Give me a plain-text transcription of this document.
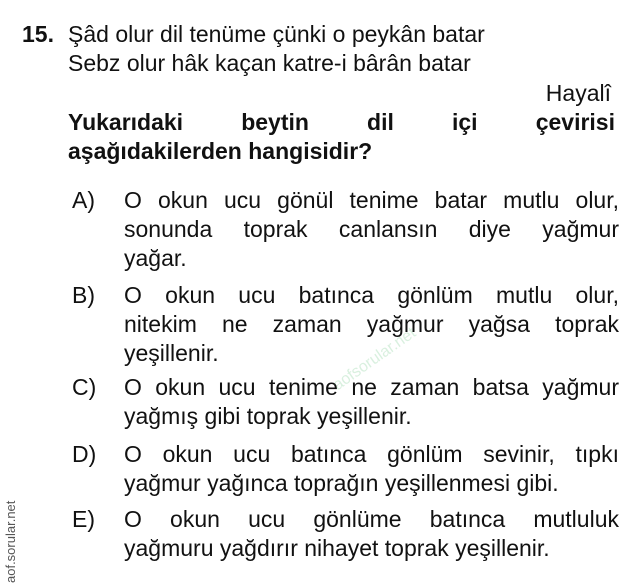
15. Şâd olur dil tenüme çünki o peykân batar
Sebz olur hâk kaçan katre-i bârân batar
Hayalî
Yukarıdaki beytin dil içi çevirisi
aşağıdakilerden hangisidir?
A)	O okun ucu gönül tenime batar mutlu olur,
sonunda toprak canlansın diye yağmur
yağar.
B)	O okun ucu batınca gönlüm mutlu olur,
nitekim ne zaman yağmur yağsa toprak
yeşillenir.
C)	O okun ucu tenime ne zaman batsa yağmur
yağmış gibi toprak yeşillenir.
D)	O okun ucu batınca gönlüm sevinir, tıpkı
yağmur yağınca toprağın yeşillenmesi gibi.
E)	O okun ucu gönlüme batınca mutluluk
yağmuru yağdırır nihayet toprak yeşillenir.
aofsorular.net
aof.sorular.net
